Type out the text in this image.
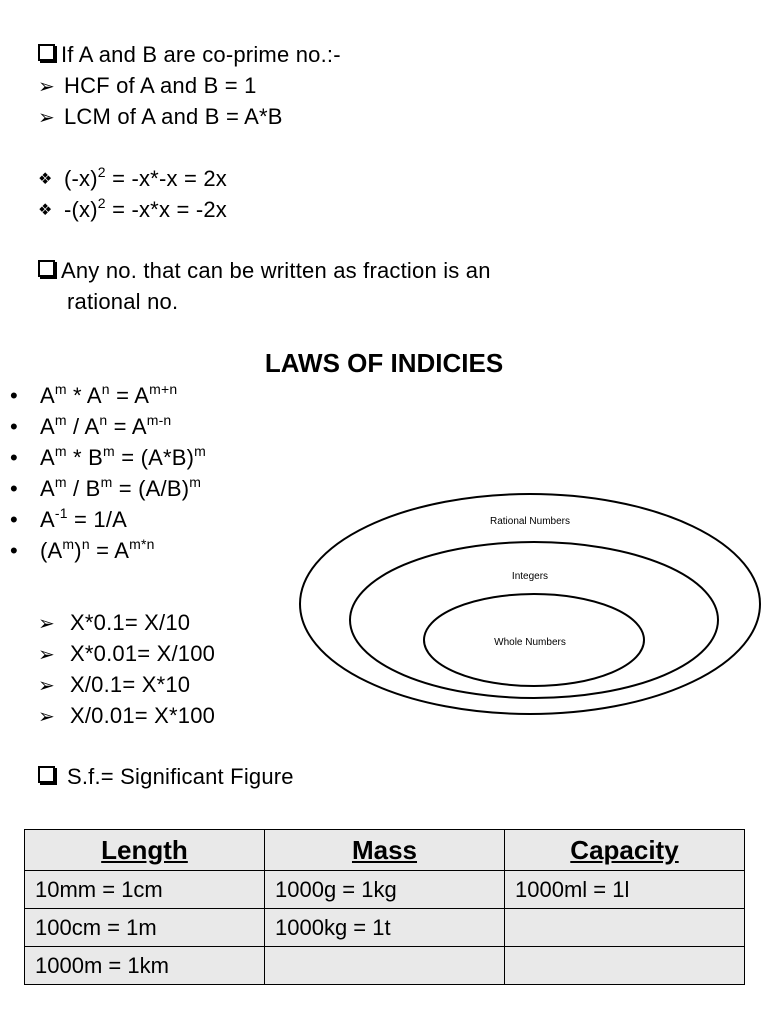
If A and B are co-prime no.:-
➢ HCF of A and B = 1
➢ LCM of A and B = A*B
❖ $(-x)^2 = -x*-x = 2x$
❖ $-(x)^2 = -x*x = -2x$
Any no. that can be written as fraction is an
rational no.
LAWS OF INDICIES
• $A^m * A^n = A^{m+n}$
• $A^m / A^n = A^{m-n}$
• $A^m * B^m = (A*B)^m$
• $A^m / B^m = (A/B)^m$
• $A^{-1} = 1/A$
• $(A^m)^n = A^{m*n}$
Rational Numbers
Integers
Whole Numbers
➢ X*0.1= X/10
➢ X*0.01= X/100
➢ X/0.1= X*10
➢ X/0.01= X*100
S.f.= Significant Figure
Length	Mass	Capacity
10mm = 1cm	1000g = 1kg	1000ml = 1l
100cm = 1m	1000kg = 1t	
1000m = 1km		
